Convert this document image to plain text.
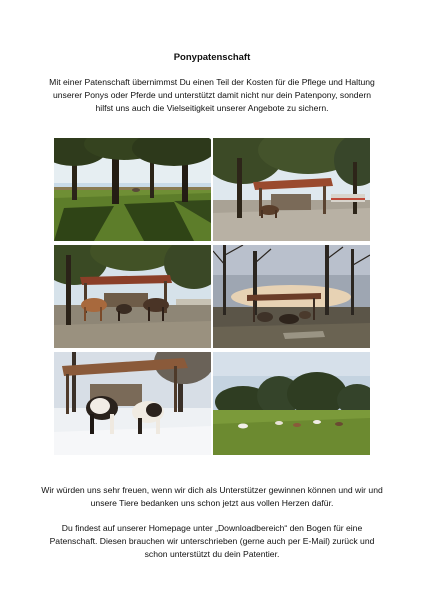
Ponypatenschaft
Mit einer Patenschaft übernimmst Du einen Teil der Kosten für die Pflege und Haltung unserer Ponys oder Pferde und unterstützt damit nicht nur dein Patenpony, sondern hilfst uns auch die Vielseitigkeit unserer Angebote zu sichern.
Wir würden uns sehr freuen, wenn wir dich als Unterstützer gewinnen können und wir und unsere Tiere bedanken uns schon jetzt aus vollen Herzen dafür.
Du findest auf unserer Homepage unter „Downloadbereich“ den Bogen für eine Patenschaft. Diesen brauchen wir unterschrieben (gerne auch per E-Mail) zurück und schon unterstützt du dein Patentier.
